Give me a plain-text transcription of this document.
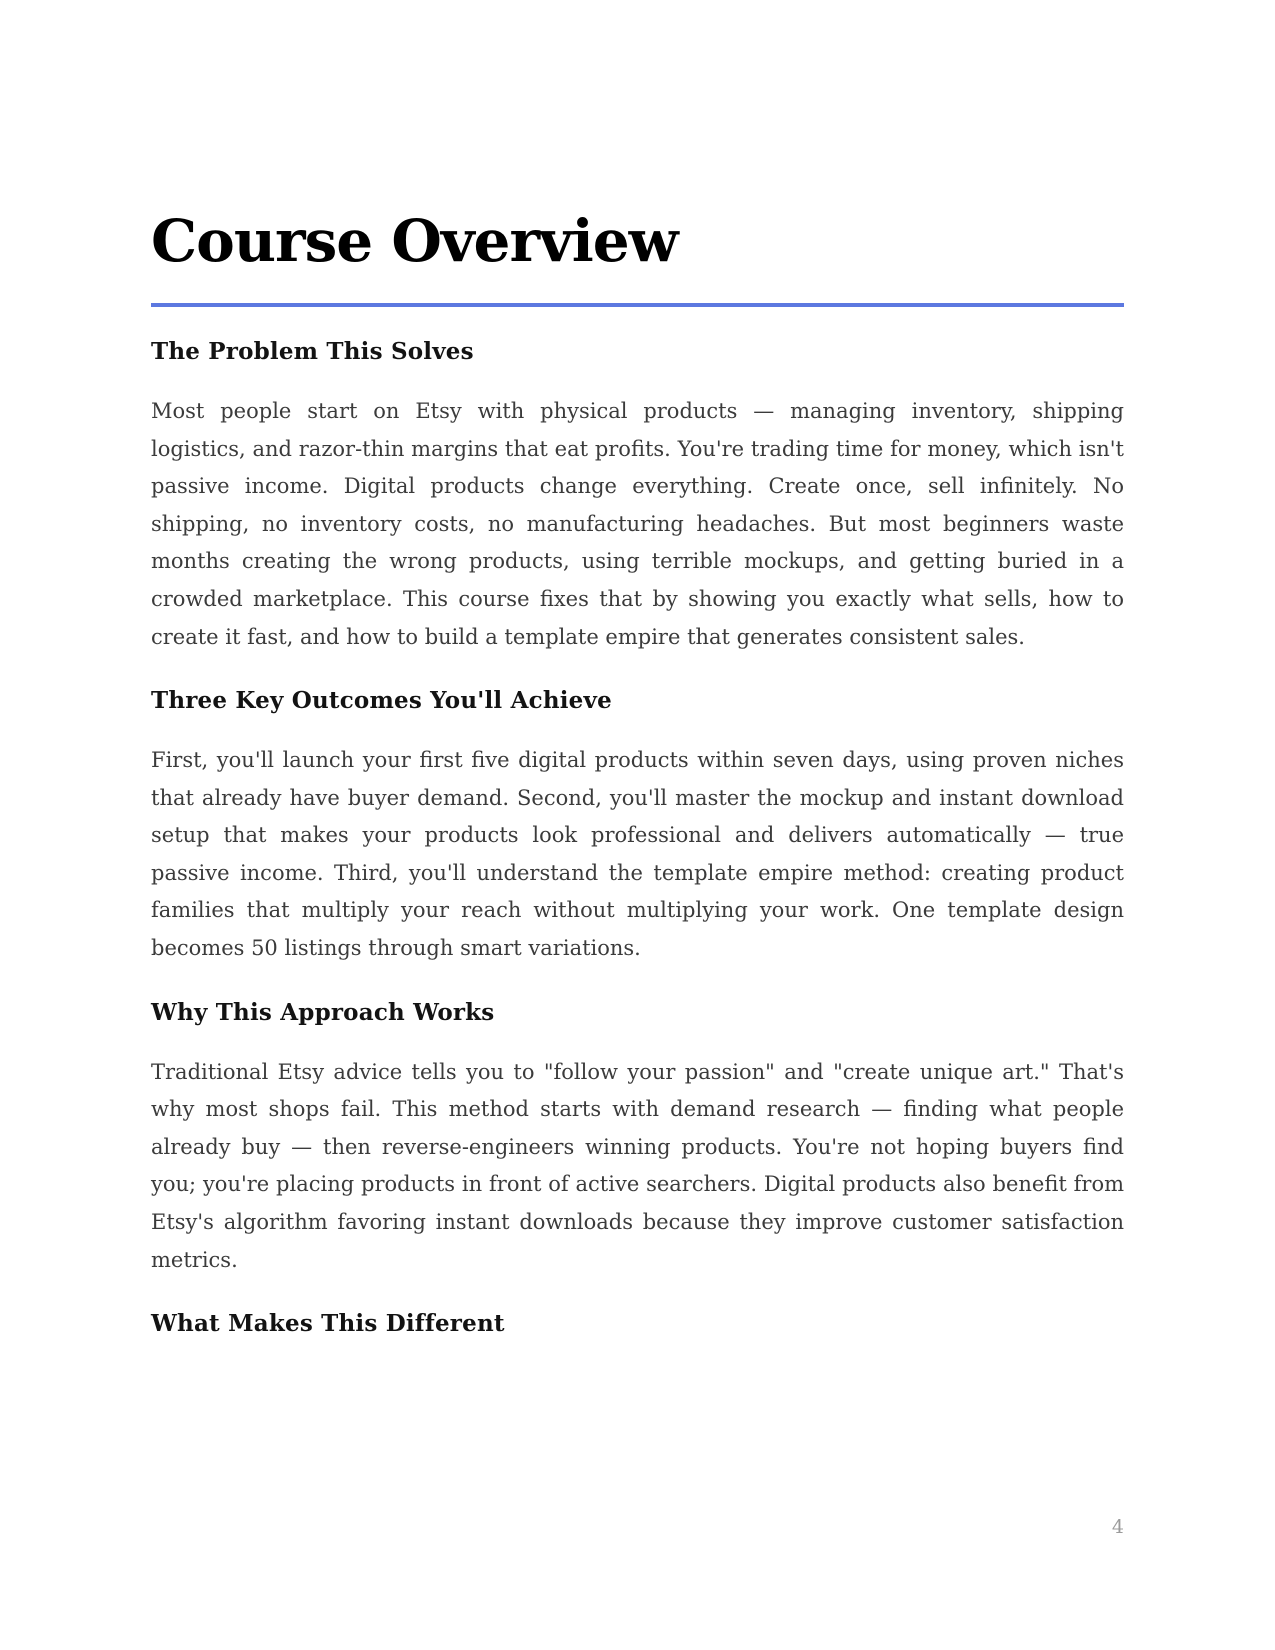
Course Overview
The Problem This Solves

Most people start on Etsy with physical products — managing inventory, shipping logistics, and razor-thin margins that eat profits. You're trading time for money, which isn't passive income. Digital products change everything. Create once, sell infinitely. No shipping, no inventory costs, no manufacturing headaches. But most beginners waste months creating the wrong products, using terrible mockups, and getting buried in a crowded marketplace. This course fixes that by showing you exactly what sells, how to create it fast, and how to build a template empire that generates consistent sales.

Three Key Outcomes You'll Achieve

First, you'll launch your first five digital products within seven days, using proven niches that already have buyer demand. Second, you'll master the mockup and instant download setup that makes your products look professional and delivers automatically — true passive income. Third, you'll understand the template empire method: creating product families that multiply your reach without multiplying your work. One template design becomes 50 listings through smart variations.

Why This Approach Works

Traditional Etsy advice tells you to "follow your passion" and "create unique art." That's why most shops fail. This method starts with demand research — finding what people already buy — then reverse-engineers winning products. You're not hoping buyers find you; you're placing products in front of active searchers. Digital products also benefit from Etsy's algorithm favoring instant downloads because they improve customer satisfaction metrics.

What Makes This Different
4
